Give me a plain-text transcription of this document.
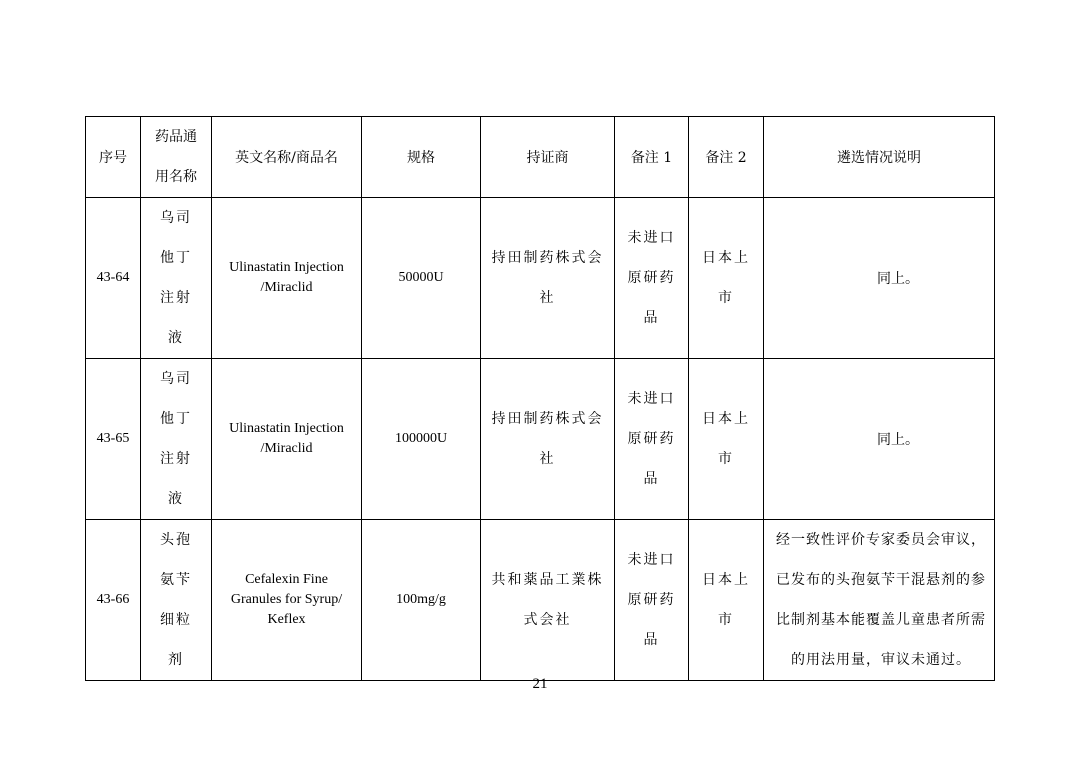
序号	药品通用名称	英文名称/商品名	规格	持证商	备注 1	备注 2	遴选情况说明
43-64	乌司他丁注射液	Ulinastatin Injection /Miraclid	50000U	持田制药株式会社	未进口原研药品	日本上市	同上。
43-65	乌司他丁注射液	Ulinastatin Injection /Miraclid	100000U	持田制药株式会社	未进口原研药品	日本上市	同上。
43-66	头孢氨苄细粒剂	Cefalexin Fine Granules for Syrup/ Keflex	100mg/g	共和薬品工業株式会社	未进口原研药品	日本上市	经一致性评价专家委员会审议，已发布的头孢氨苄干混悬剂的参比制剂基本能覆盖儿童患者所需的用法用量，审议未通过。
21
